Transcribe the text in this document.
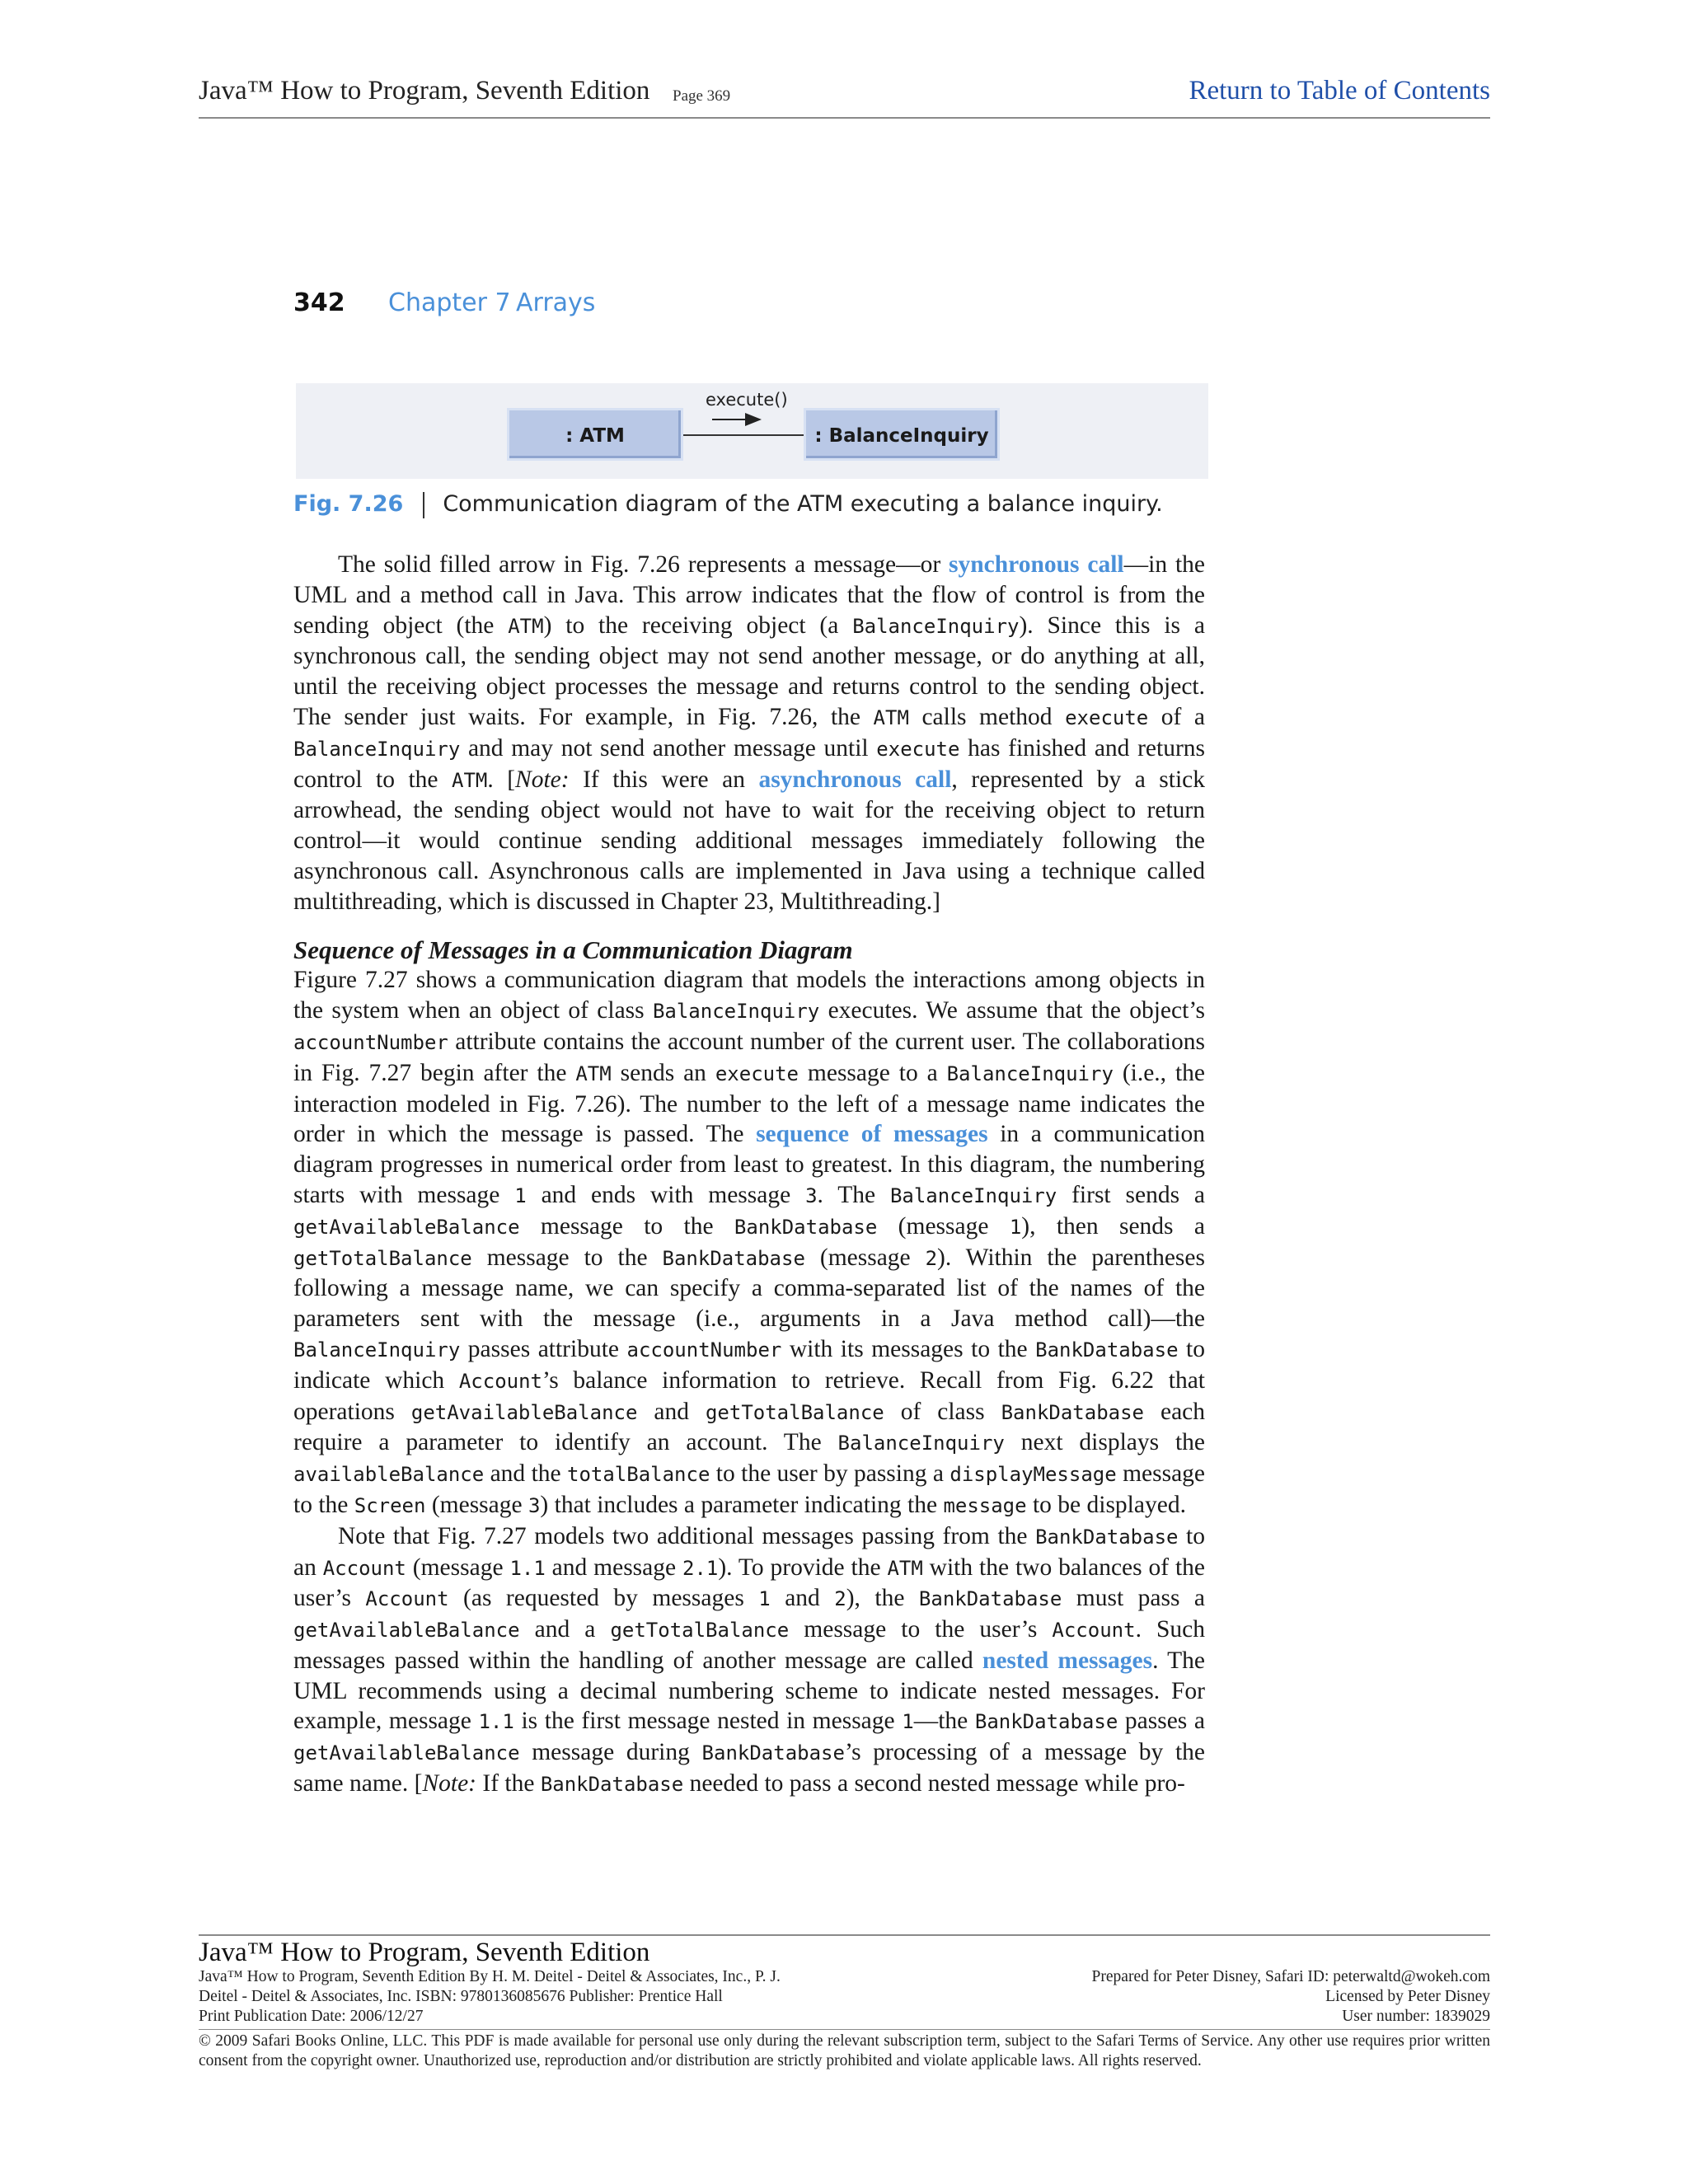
Java™ How to Program, Seventh Edition Page 369	Return to Table of Contents
342 Chapter 7 Arrays
: ATM
execute()
: BalanceInquiry
Fig. 7.26 Communication diagram of the ATM executing a balance inquiry.

The solid filled arrow in Fig. 7.26 represents a message—or synchronous call—in the UML and a method call in Java. This arrow indicates that the flow of control is from the sending object (the ATM) to the receiving object (a BalanceInquiry). Since this is a synchronous call, the sending object may not send another message, or do anything at all, until the receiving object processes the message and returns control to the sending object. The sender just waits. For example, in Fig. 7.26, the ATM calls method execute of a BalanceInquiry and may not send another message until execute has finished and returns control to the ATM. [Note: If this were an asynchronous call, represented by a stick arrowhead, the sending object would not have to wait for the receiving object to return control—it would continue sending additional messages immediately following the asynchronous call. Asynchronous calls are implemented in Java using a technique called multithreading, which is discussed in Chapter 23, Multithreading.]

Sequence of Messages in a Communication Diagram

Figure 7.27 shows a communication diagram that models the interactions among objects in the system when an object of class BalanceInquiry executes. We assume that the object’s accountNumber attribute contains the account number of the current user. The collaborations in Fig. 7.27 begin after the ATM sends an execute message to a BalanceInquiry (i.e., the interaction modeled in Fig. 7.26). The number to the left of a message name indicates the order in which the message is passed. The sequence of messages in a communication diagram progresses in numerical order from least to greatest. In this diagram, the numbering starts with message 1 and ends with message 3. The BalanceInquiry first sends a getAvailableBalance message to the BankDatabase (message 1), then sends a getTotalBalance message to the BankDatabase (message 2). Within the parentheses following a message name, we can specify a comma-separated list of the names of the parameters sent with the message (i.e., arguments in a Java method call)—the BalanceInquiry passes attribute accountNumber with its messages to the BankDatabase to indicate which Account’s balance information to retrieve. Recall from Fig. 6.22 that operations getAvailableBalance and getTotalBalance of class BankDatabase each require a parameter to identify an account. The BalanceInquiry next displays the availableBalance and the totalBalance to the user by passing a displayMessage message to the Screen (message 3) that includes a parameter indicating the message to be displayed.

Note that Fig. 7.27 models two additional messages passing from the BankDatabase to an Account (message 1.1 and message 2.1). To provide the ATM with the two balances of the user’s Account (as requested by messages 1 and 2), the BankDatabase must pass a getAvailableBalance and a getTotalBalance message to the user’s Account. Such messages passed within the handling of another message are called nested messages. The UML recommends using a decimal numbering scheme to indicate nested messages. For example, message 1.1 is the first message nested in message 1—the BankDatabase passes a getAvailableBalance message during BankDatabase’s processing of a message by the same name. [Note: If the BankDatabase needed to pass a second nested message while pro-

Java™ How to Program, Seventh Edition
Java™ How to Program, Seventh Edition By H. M. Deitel - Deitel & Associates, Inc., P. J.	Prepared for Peter Disney, Safari ID: peterwaltd@wokeh.com
Deitel - Deitel & Associates, Inc. ISBN: 9780136085676 Publisher: Prentice Hall	Licensed by Peter Disney
Print Publication Date: 2006/12/27	User number: 1839029
© 2009 Safari Books Online, LLC. This PDF is made available for personal use only during the relevant subscription term, subject to the Safari Terms of Service. Any other use requires prior written consent from the copyright owner. Unauthorized use, reproduction and/or distribution are strictly prohibited and violate applicable laws. All rights reserved.
